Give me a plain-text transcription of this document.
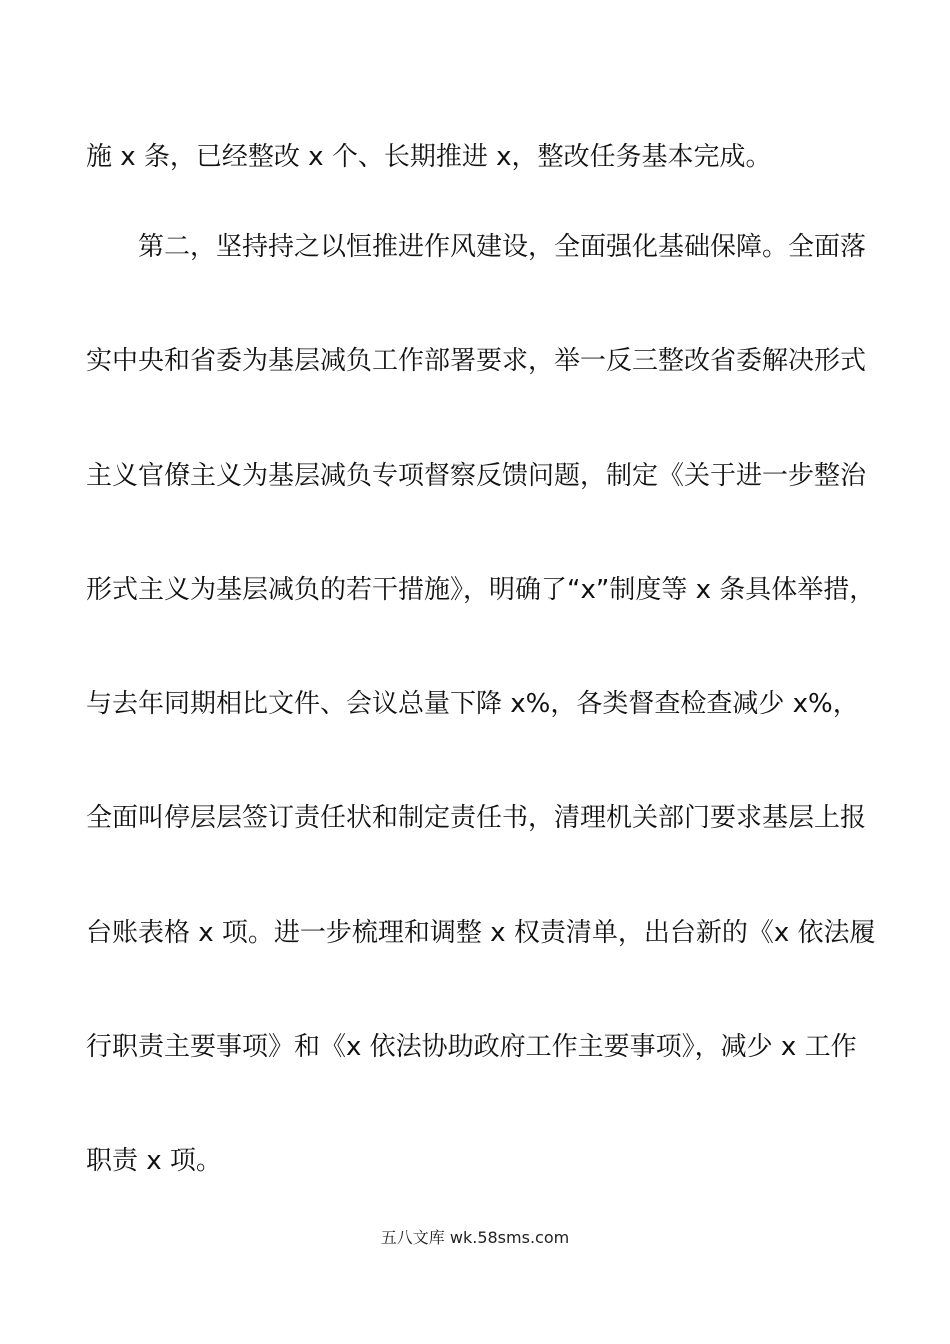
施 x 条，已经整改 x 个、长期推进 x，整改任务基本完成。
第二，坚持持之以恒推进作风建设，全面强化基础保障。全面落
实中央和省委为基层减负工作部署要求，举一反三整改省委解决形式
主义官僚主义为基层减负专项督察反馈问题，制定《关于进一步整治
形式主义为基层减负的若干措施》，明确了“x”制度等 x 条具体举措，
与去年同期相比文件、会议总量下降 x%，各类督查检查减少 x%，
全面叫停层层签订责任状和制定责任书，清理机关部门要求基层上报
台账表格 x 项。进一步梳理和调整 x 权责清单，出台新的《x 依法履
行职责主要事项》和《x 依法协助政府工作主要事项》，减少 x 工作
职责 x 项。
五八文库 wk.58sms.com
